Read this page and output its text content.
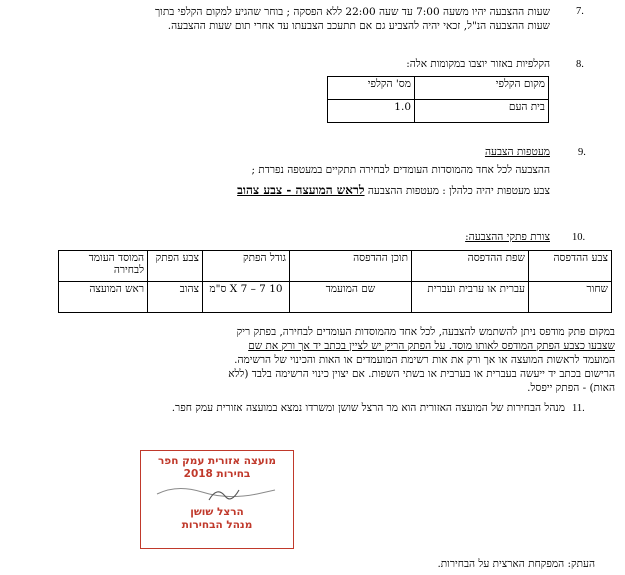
7.
שעות ההצבעה יהיו משעה 7:00 עד שעה 22:00 ללא הפסקה ; בוחר שהגיע למקום הקלפי בתוך
שעות ההצבעה הנ"ל, זכאי יהיה להצביע גם אם תתעכב הצבעתו עד אחרי תום שעות ההצבעה.
8.
הקלפיות באזור יוצבו במקומות אלה:
מס' הקלפי	מקום הקלפי
1.0	בית העם
9.
מעטפות הצבעה
ההצבעה לכל אחד מהמוסדות העומדים לבחירה תתקיים במעטפה נפרדת ;
צבע מעטפות יהיה כלהלן : מעטפות ההצבעה לראש המועצה - צבע צהוב
10.
צורת פתקי ההצבעה:
המוסד העומד לבחירה	צבע הפתק	גודל הפתק	תוכן ההדפסה	שפת ההדפסה	צבע ההדפסה
ראש המועצה	צהוב	10 X 7 – 7 ס"מ	שם המועמד	עברית או ערבית ועברית	שחור
במקום פתק מודפס ניתן להשתמש להצבעה, לכל אחד מהמוסדות העומדים לבחירה, בפתק ריק
שצבעו כצבע הפתק המודפס לאותו מוסד. על הפתק הריק יש לציין בכתב יד אך ורק את שם
המועמד לראשות המועצה או אך ורק את אות רשימת המועמדים או האות והכינוי של הרשימה.
הרישום בכתב יד ייעשה בעברית או בערבית או בשתי השפות. אם יצוין כינוי הרשימה בלבד (ללא
האות) - הפתק ייפסל.
11.
מנהל הבחירות של המועצה האזורית הוא מר הרצל שושן ומשרדו נמצא במועצה אזורית עמק חפר.
מועצה אזורית עמק חפר
בחירות 2018
הרצל שושן
מנהל הבחירות
העתק: המפקחת הארצית על הבחירות.
